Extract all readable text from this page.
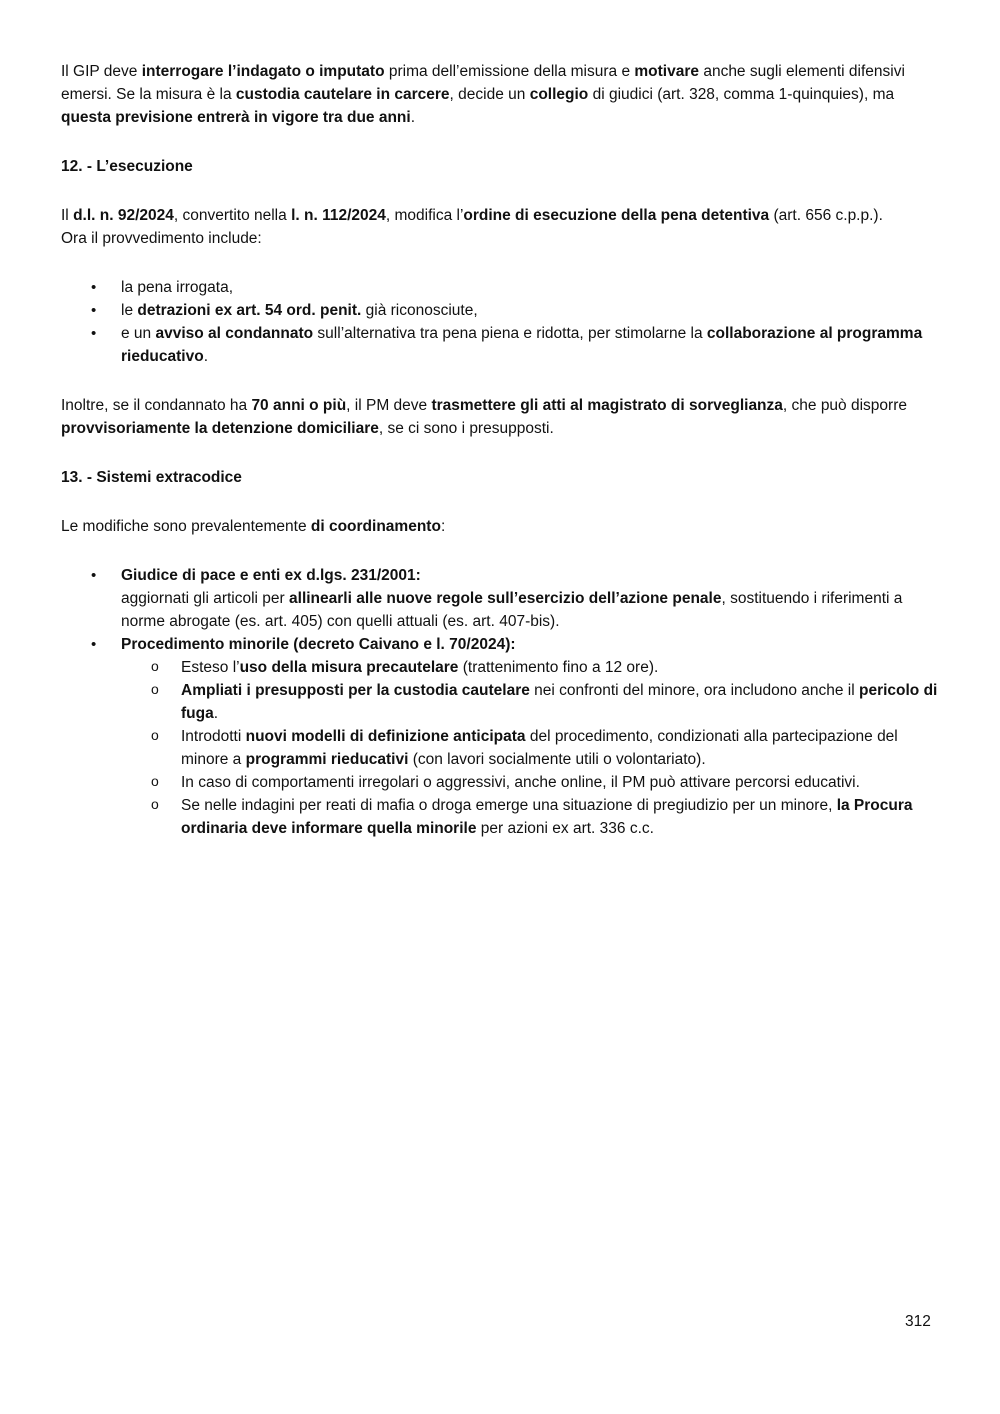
Il GIP deve interrogare l’indagato o imputato prima dell’emissione della misura e motivare anche sugli elementi difensivi emersi. Se la misura è la custodia cautelare in carcere, decide un collegio di giudici (art. 328, comma 1-quinquies), ma questa previsione entrerà in vigore tra due anni.

12. - L’esecuzione

Il d.l. n. 92/2024, convertito nella l. n. 112/2024, modifica l’ordine di esecuzione della pena detentiva (art. 656 c.p.p.).

Ora il provvedimento include:

• la pena irrogata,
• le detrazioni ex art. 54 ord. penit. già riconosciute,
• e un avviso al condannato sull’alternativa tra pena piena e ridotta, per stimolarne la collaborazione al programma rieducativo.

Inoltre, se il condannato ha 70 anni o più, il PM deve trasmettere gli atti al magistrato di sorveglianza, che può disporre provvisoriamente la detenzione domiciliare, se ci sono i presupposti.

13. - Sistemi extracodice

Le modifiche sono prevalentemente di coordinamento:

• Giudice di pace e enti ex d.lgs. 231/2001:
aggiornati gli articoli per allinearli alle nuove regole sull’esercizio dell’azione penale, sostituendo i riferimenti a norme abrogate (es. art. 405) con quelli attuali (es. art. 407-bis).
• Procedimento minorile (decreto Caivano e l. 70/2024):
o Esteso l’uso della misura precautelare (trattenimento fino a 12 ore).
o Ampliati i presupposti per la custodia cautelare nei confronti del minore, ora includono anche il pericolo di fuga.
o Introdotti nuovi modelli di definizione anticipata del procedimento, condizionati alla partecipazione del minore a programmi rieducativi (con lavori socialmente utili o volontariato).
o In caso di comportamenti irregolari o aggressivi, anche online, il PM può attivare percorsi educativi.
o Se nelle indagini per reati di mafia o droga emerge una situazione di pregiudizio per un minore, la Procura ordinaria deve informare quella minorile per azioni ex art. 336 c.c.
312
